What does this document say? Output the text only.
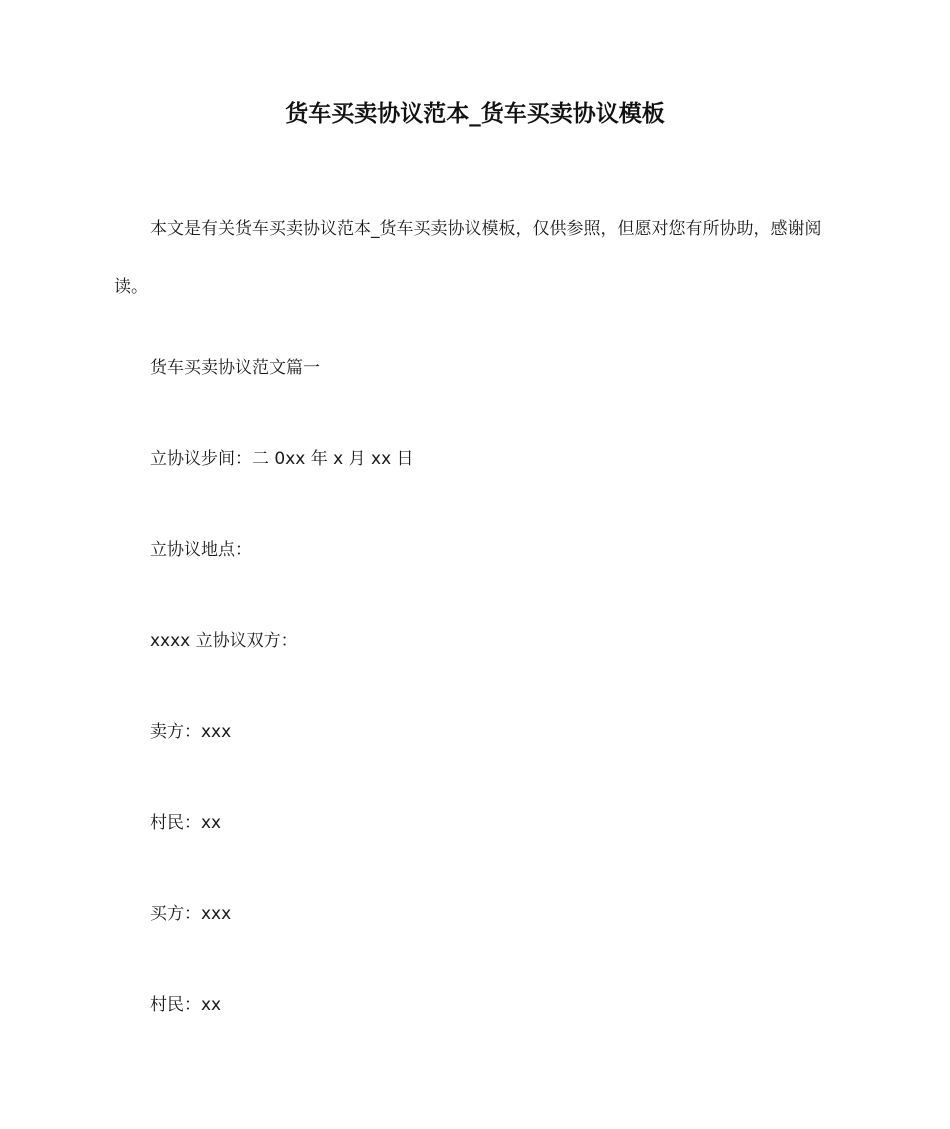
货车买卖协议范本_货车买卖协议模板
本文是有关货车买卖协议范本_货车买卖协议模板，仅供参照，但愿对您有所协助，感谢阅读。
货车买卖协议范文篇一
立协议步间：二 0xx 年 x 月 xx 日
立协议地点：
xxxx 立协议双方：
卖方：xxx
村民：xx
买方：xxx
村民：xx
